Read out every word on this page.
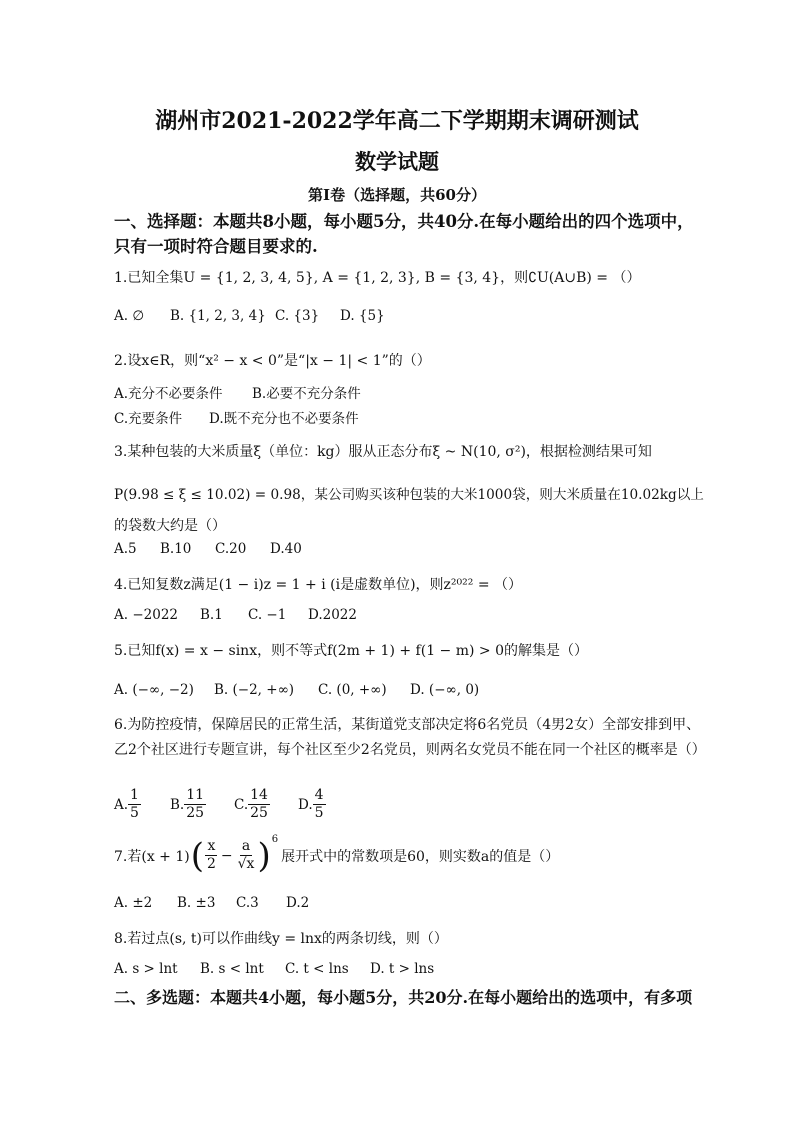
湖州市2021-2022学年高二下学期期末调研测试
数学试题
第Ⅰ卷（选择题，共60分）
一、选择题：本题共8小题，每小题5分，共40分.在每小题给出的四个选项中，只有一项时符合题目要求的.
1.已知全集U = {1, 2, 3, 4, 5}, A = {1, 2, 3}, B = {3, 4}，则∁U(A∪B) = （）
A. ∅ B. {1, 2, 3, 4} C. {3} D. {5}
2.设x∈R，则“x² − x < 0”是“|x − 1| < 1”的（）
A.充分不必要条件 B.必要不充分条件
C.充要条件 D.既不充分也不必要条件
3.某种包装的大米质量ξ（单位：kg）服从正态分布ξ ~ N(10, σ²)，根据检测结果可知
P(9.98 ≤ ξ ≤ 10.02) = 0.98，某公司购买该种包装的大米1000袋，则大米质量在10.02kg以上
的袋数大约是（）
A.5 B.10 C.20 D.40
4.已知复数z满足(1 − i)z = 1 + i (i是虚数单位)，则z²⁰²² = （）
A. −2022 B.1 C. −1 D.2022
5.已知f(x) = x − sinx，则不等式f(2m + 1) + f(1 − m) > 0的解集是（）
A. (−∞, −2) B. (−2, +∞) C. (0, +∞) D. (−∞, 0)
6.为防控疫情，保障居民的正常生活，某街道党支部决定将6名党员（4男2女）全部安排到甲、乙2个社区进行专题宣讲，每个社区至少2名党员，则两名女党员不能在同一个社区的概率是（）
A. $\frac{1}{5} B$. $\frac{11}{25} C$. $\frac{14}{25} D$. $\frac{4}{5}$
7.若(x + 1) ( $\frac{x}{2} - \frac{a}{√x}$ ) 6
展开式中的常数项是60，则实数a的值是（）
A. ±2 B. ±3 C.3 D.2
8.若过点(s, t)可以作曲线y = lnx的两条切线，则（）
A. s > lnt B. s < lnt C. t < lns D. t > lns
二、多选题：本题共4小题，每小题5分，共20分.在每小题给出的选项中，有多项
